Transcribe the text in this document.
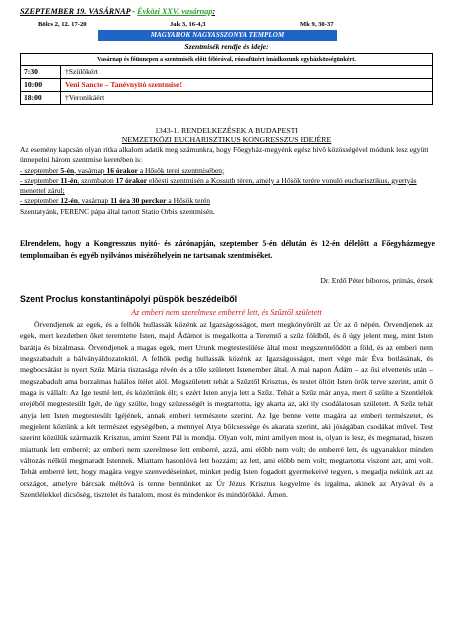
SZEPTEMBER 19. VASÁRNAP - Évközi XXV. vasárnap:
Bölcs 2, 12. 17-20	Jak 3, 16-4,3	Mk 9, 30-37
MAGYAROK NAGYASSZONYA TEMPLOM
Szentmisék rendje és ideje:
Vasárnap és főünnepen a szentmisék előtt félórával, rózsafüzért imádkozunk egyházközségünkért.
7:30	†Szülőkért
10:00	Veni Sancte – Tanévnyitó szentmise!
18:00	†Veronikáért
1343-1. RENDELKEZÉSEK A BUDAPESTI
NEMZETKÖZI EUCHARISZTIKUS KONGRESSZUS IDEJÉRE

Az esemény kapcsán olyan ritka alkalom adatik meg számunkra, hogy Főegyház-megyénk egész hívő közösségével módunk lesz együtt ünnepelni három szentmise keretében is:

- szeptember 5-én, vasárnap 16 órakor a Hősök terei szentmisében;

- szeptember 11-én, szombaton 17 órakor előesti szentmisén a Kossuth téren, amely a Hősök terére vonuló eucharisztikus, gyertyás menettel zárul;

- szeptember 12-én, vasárnap 11 óra 30 perckor a Hősök terén

Szentatyánk, FERENC pápa által tartott Statio Orbis szentmisén.

Elrendelem, hogy a Kongresszus nyitó- és zárónapján, szeptember 5-én délután és 12-én délelőtt a Főegyházmegye templomaiban és egyéb nyilvános misézőhelyein ne tartsanak szentmiséket.
Dr. Erdő Péter bíboros, prímás, érsek
Szent Proclus konstantinápolyi püspök beszédeiből
Az emberi nem szerelmese emberré lett, és Szűztől született

Örvendjenek az egek, és a felhők hullassák közénk az Igazságosságot, mert megkönyörült az Úr az ő népén. Örvendjenek az egek, mert kezdetben őket teremtette Isten, majd Ádámot is megalkotta a Teremtő a szűz földből, és ő úgy jelent meg, mint Isten barátja és bizalmasa. Örvendjenek a magas egek, mert Urunk megtestesülése által most megszentelődött a föld, és az emberi nem megszabadult a bálványáldozatoktól. A felhők pedig hullassák közénk az Igazságosságot, mert vége már Éva botlásának, és megbocsátást is nyert Szűz Mária tisztasága révén és a tőle született Istenember által. A mai napon Ádám – az ősi elvettetés után – megszabadult ama borzalmas halálos ítélet alól. Megszületett tehát a Szűztől Krisztus, és testet öltött Isten örök terve szerint, amit ő maga is vállalt: Az Ige testté lett, és közöttünk élt; s ezért Isten anyja lett a Szűz. Tehát a Szűz már anya, mert ő szülte a Szentlélek erejéből megtestesült Igét, de úgy szülte, hogy szüzességét is megtartotta, így akarta az, aki ily csodálatosan született. A Szűz tehát anyja lett Isten megtestesült Igéjének, annak emberi természete szerint. Az Ige benne vette magára az emberi természetet, és megjelent köztünk a két természet egységében, a mennyei Atya bölcsessége és akarata szerint, aki jóságában csodákat művel. Test szerint közülük származik Krisztus, amint Szent Pál is mondja. Olyan volt, mint amilyen most is, olyan is lesz, és megmarad, hiszen miattunk lett emberré; az emberi nem szerelmese lett emberré, azzá, ami előbb nem volt; de emberré lett, és ugyanakkor minden változás nélkül megmaradt Istennek. Miattam hasonlóvá lett hozzám; az lett, ami előbb nem volt; megtartotta viszont azt, ami volt. Tehát emberré lett, hogy magára vegye szenvedéseinket, minket pedig Isten fogadott gyermekeivé tegyen, s megadja nekünk azt az országot, amelyre bárcsak méltóvá is tenne bennünket az Úr Jézus Krisztus kegyelme és irgalma, akinek az Atyával és a Szentlélekkel dicsőség, tisztelet és hatalom, most és mindenkor és mindörökké. Ámen.
